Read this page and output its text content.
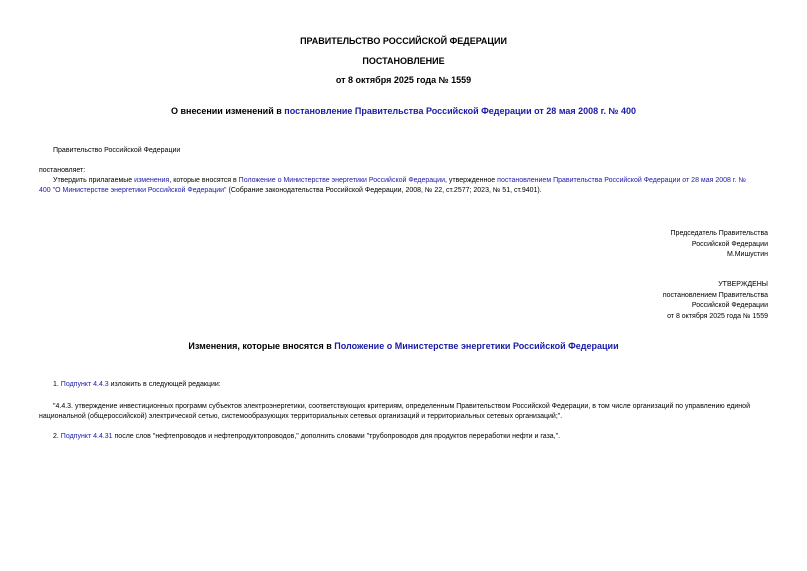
ПРАВИТЕЛЬСТВО РОССИЙСКОЙ ФЕДЕРАЦИИ
ПОСТАНОВЛЕНИЕ
от 8 октября 2025 года № 1559
О внесении изменений в постановление Правительства Российской Федерации от 28 мая 2008 г. № 400
Правительство Российской Федерации
постановляет:
Утвердить прилагаемые изменения, которые вносятся в Положение о Министерстве энергетики Российской Федерации, утвержденное постановлением Правительства Российской Федерации от 28 мая 2008 г. №
400 "О Министерстве энергетики Российской Федерации" (Собрание законодательства Российской Федерации, 2008, № 22, ст.2577; 2023, № 51, ст.9401).
Председатель Правительства
Российской Федерации
М.Мишустин
УТВЕРЖДЕНЫ
постановлением Правительства
Российской Федерации
от 8 октября 2025 года № 1559
Изменения, которые вносятся в Положение о Министерстве энергетики Российской Федерации
1. Подпункт 4.4.3 изложить в следующей редакции:
"4.4.3. утверждение инвестиционных программ субъектов электроэнергетики, соответствующих критериям, определенным Правительством Российской Федерации, в том числе организаций по управлению единой
национальной (общероссийской) электрической сетью, системообразующих территориальных сетевых организаций и территориальных сетевых организаций;".
2. Подпункт 4.4.31 после слов "нефтепроводов и нефтепродуктопроводов," дополнить словами "трубопроводов для продуктов переработки нефти и газа,".
